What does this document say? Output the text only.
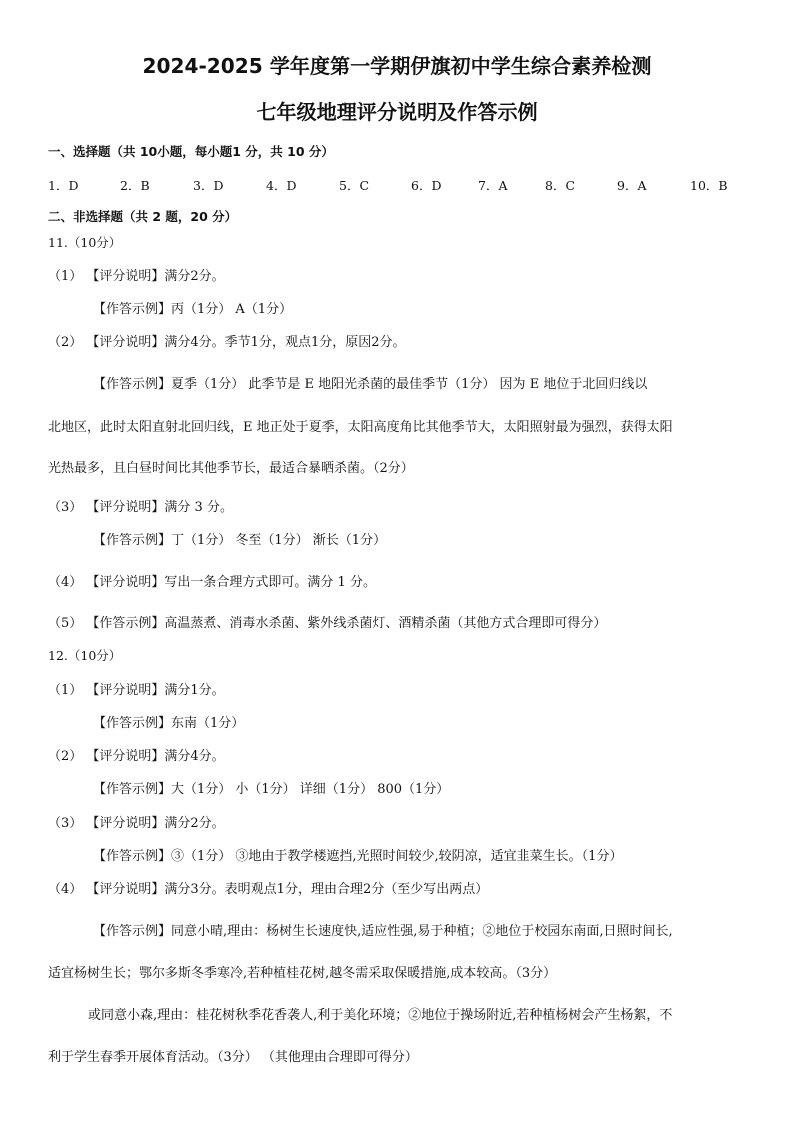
2024-2025 学年度第一学期伊旗初中学生综合素养检测
七年级地理评分说明及作答示例
一、选择题（共 10小题，每小题1 分，共 10 分）
1．D	2．B	3．D	4．D	5．C	6．D	7．A	8．C	9．A	10．B
二、非选择题（共 2 题，20 分）
11.（10分）
（1） 【评分说明】满分2分。
【作答示例】丙（1分） A（1分）
（2） 【评分说明】满分4分。季节1分，观点1分，原因2分。
【作答示例】夏季（1分） 此季节是 E 地阳光杀菌的最佳季节（1分） 因为 E 地位于北回归线以
北地区，此时太阳直射北回归线，E 地正处于夏季，太阳高度角比其他季节大，太阳照射最为强烈，获得太阳
光热最多，且白昼时间比其他季节长，最适合暴晒杀菌。（2分）
（3） 【评分说明】满分 3 分。
【作答示例】丁（1分） 冬至（1分） 渐长（1分）
（4） 【评分说明】写出一条合理方式即可。满分 1 分。
（5） 【作答示例】高温蒸煮、消毒水杀菌、紫外线杀菌灯、酒精杀菌（其他方式合理即可得分）
12.（10分）
（1） 【评分说明】满分1分。
【作答示例】东南（1分）
（2） 【评分说明】满分4分。
【作答示例】大（1分） 小（1分） 详细（1分） 800（1分）
（3） 【评分说明】满分2分。
【作答示例】③（1分） ③地由于教学楼遮挡,光照时间较少,较阴凉，适宜韭菜生长。（1分）
（4） 【评分说明】满分3分。表明观点1分，理由合理2分（至少写出两点）
【作答示例】同意小晴,理由：杨树生长速度快,适应性强,易于种植；②地位于校园东南面,日照时间长,
适宜杨树生长；鄂尔多斯冬季寒冷,若种植桂花树,越冬需采取保暖措施,成本较高。（3分）
或同意小森,理由：桂花树秋季花香袭人,利于美化环境；②地位于操场附近,若种植杨树会产生杨絮，不
利于学生春季开展体育活动。（3分） （其他理由合理即可得分）
